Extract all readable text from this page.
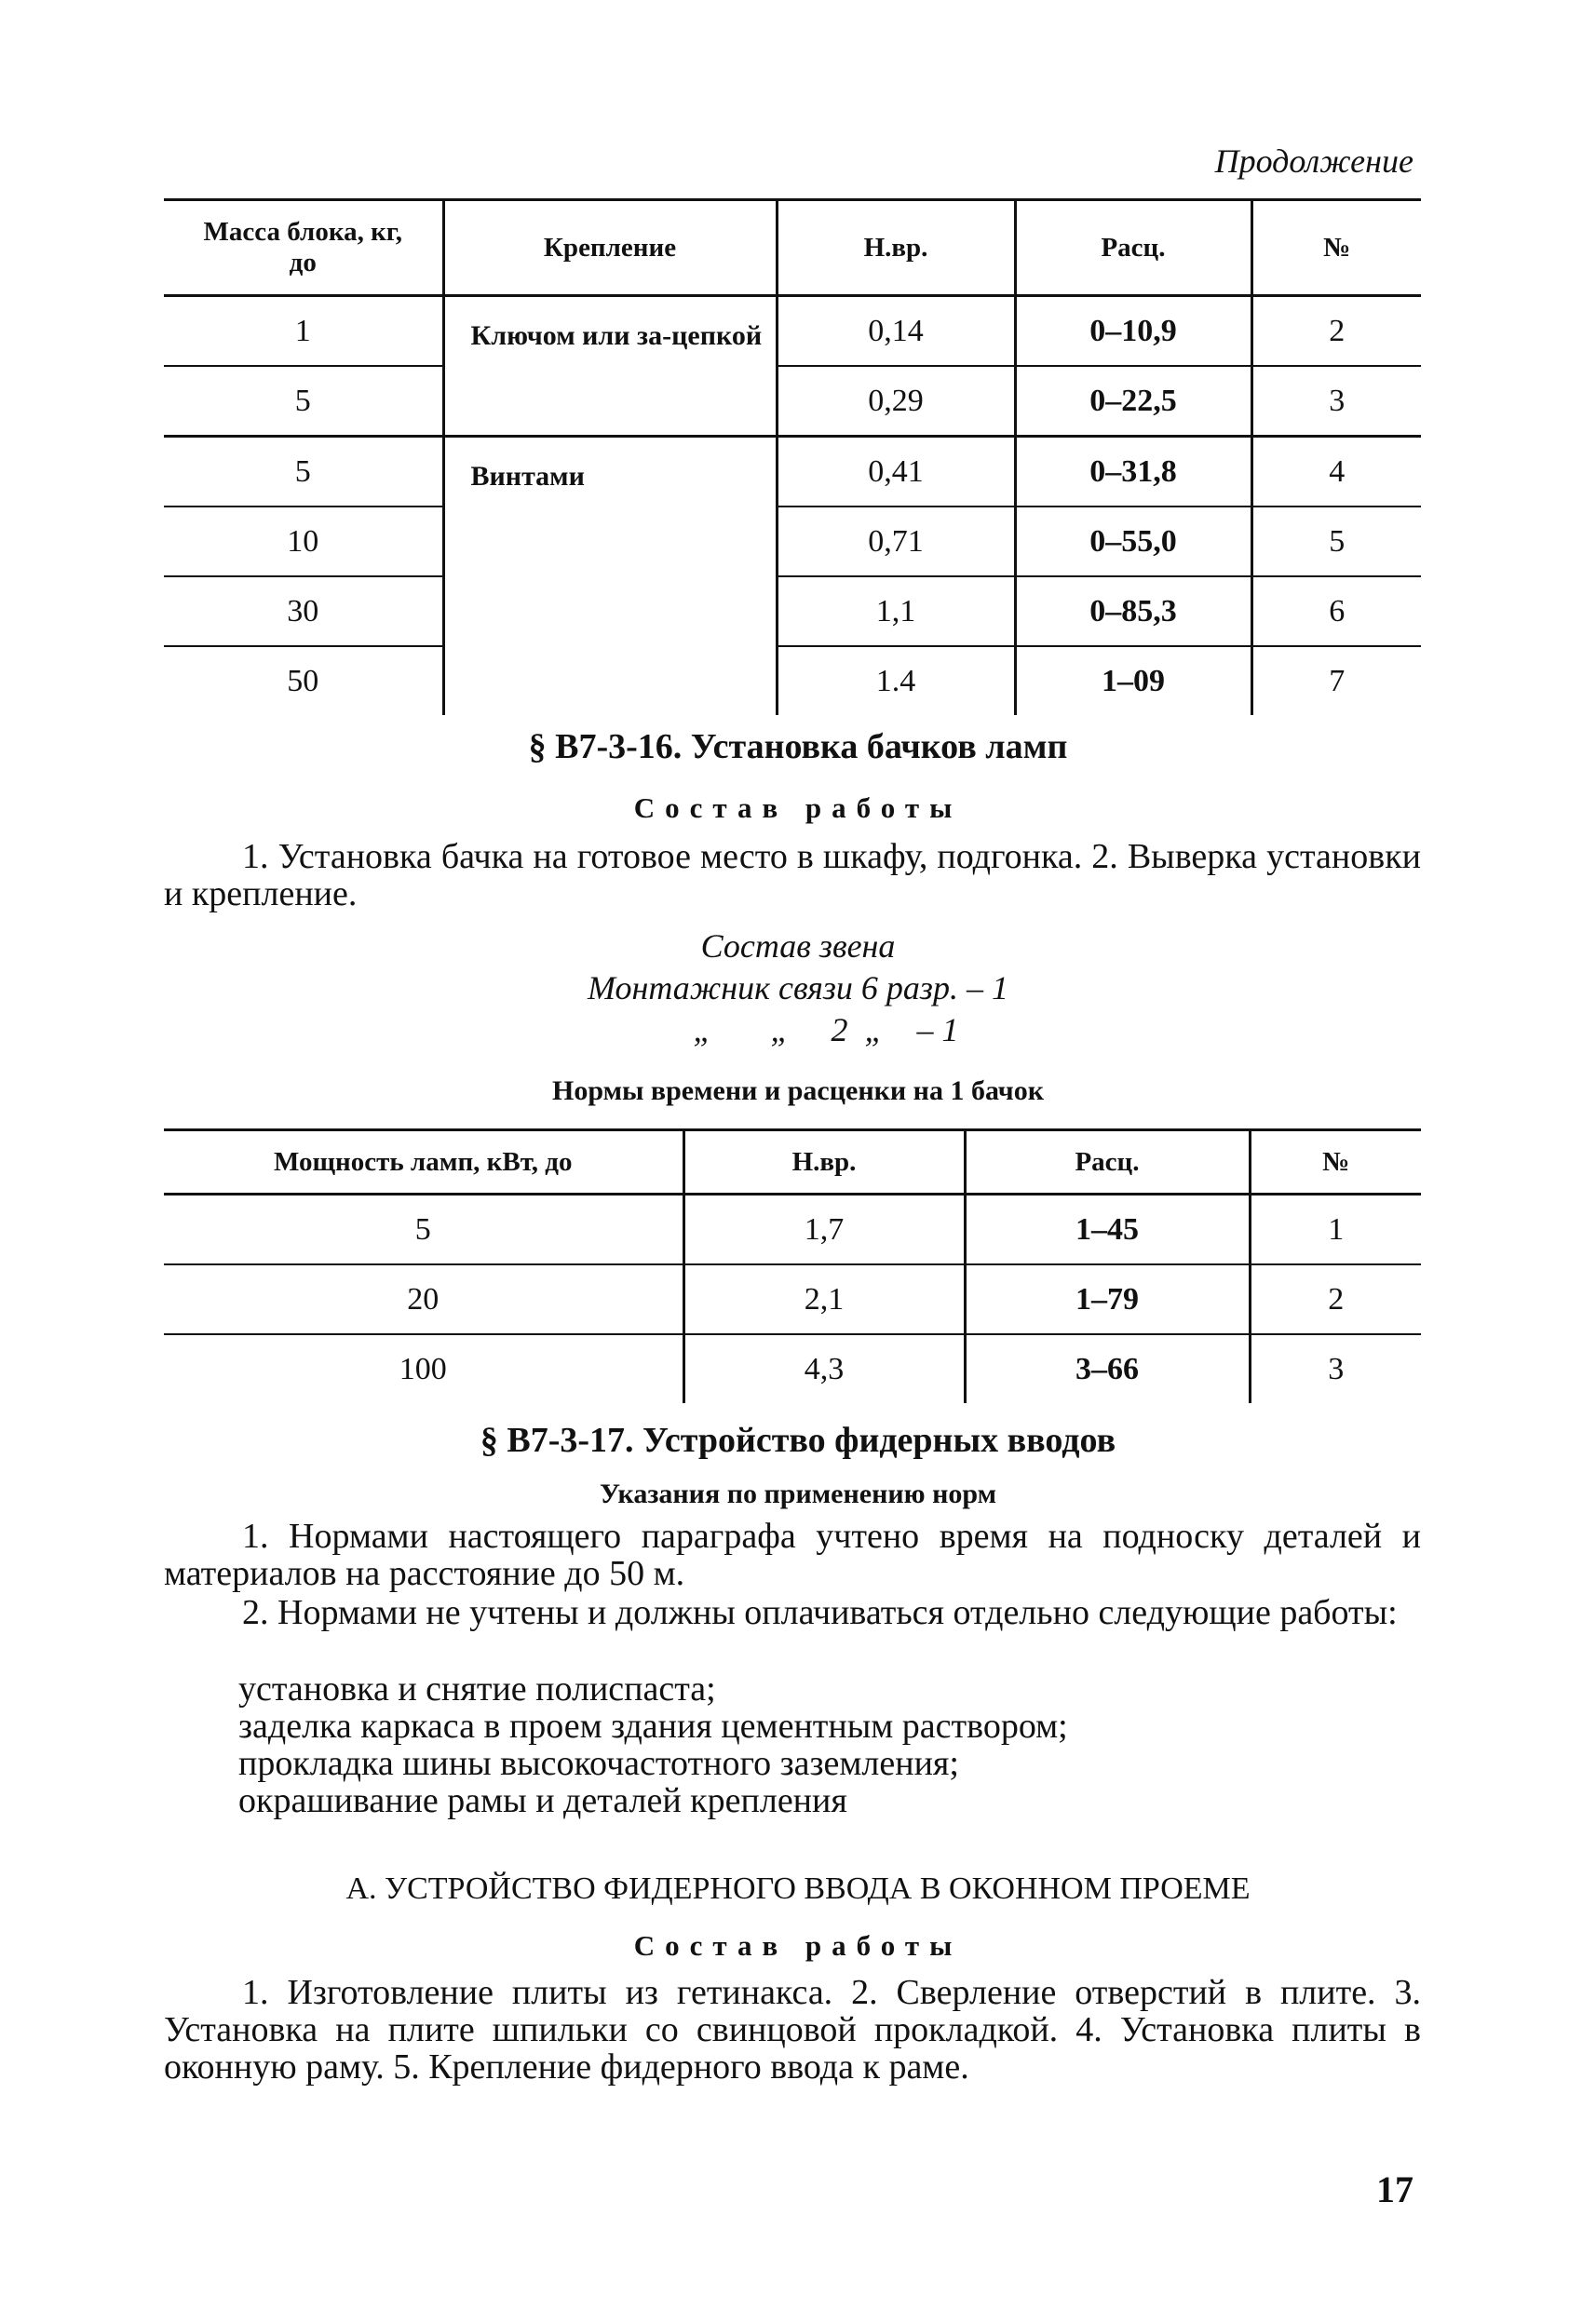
Продолжение
Масса блока, кг, до	Крепление	Н.вр.	Расц.	№
1	Ключом или за-цепкой	0,14	0–10,9	2
5		0,29	0–22,5	3
5	Винтами	0,41	0–31,8	4
10		0,71	0–55,0	5
30		1,1	0–85,3	6
50		1.4	1–09	7
§ В7-3-16. Установка бачков ламп
Состав работы
1. Установка бачка на готовое место в шкафу, подгонка. 2. Выверка установки и крепление.
Состав звена
Монтажник связи 6 разр. – 1
„       „     2  „    – 1
Нормы времени и расценки на 1 бачок
Мощность ламп, кВт, до	Н.вр.	Расц.	№
5	1,7	1–45	1
20	2,1	1–79	2
100	4,3	3–66	3
§ В7-3-17. Устройство фидерных вводов
Указания по применению норм
1. Нормами настоящего параграфа учтено время на подноску деталей и материалов на расстояние до 50 м.
2. Нормами не учтены и должны оплачиваться отдельно следующие работы:
установка и снятие полиспаста;
заделка каркаса в проем здания цементным раствором;
прокладка шины высокочастотного заземления;
окрашивание рамы и деталей крепления
А. УСТРОЙСТВО ФИДЕРНОГО ВВОДА В ОКОННОМ ПРОЕМЕ
Состав работы
1. Изготовление плиты из гетинакса. 2. Сверление отверстий в плите. 3. Установка на плите шпильки со свинцовой прокладкой. 4. Установка плиты в оконную раму. 5. Крепление фидерного ввода к раме.
17
